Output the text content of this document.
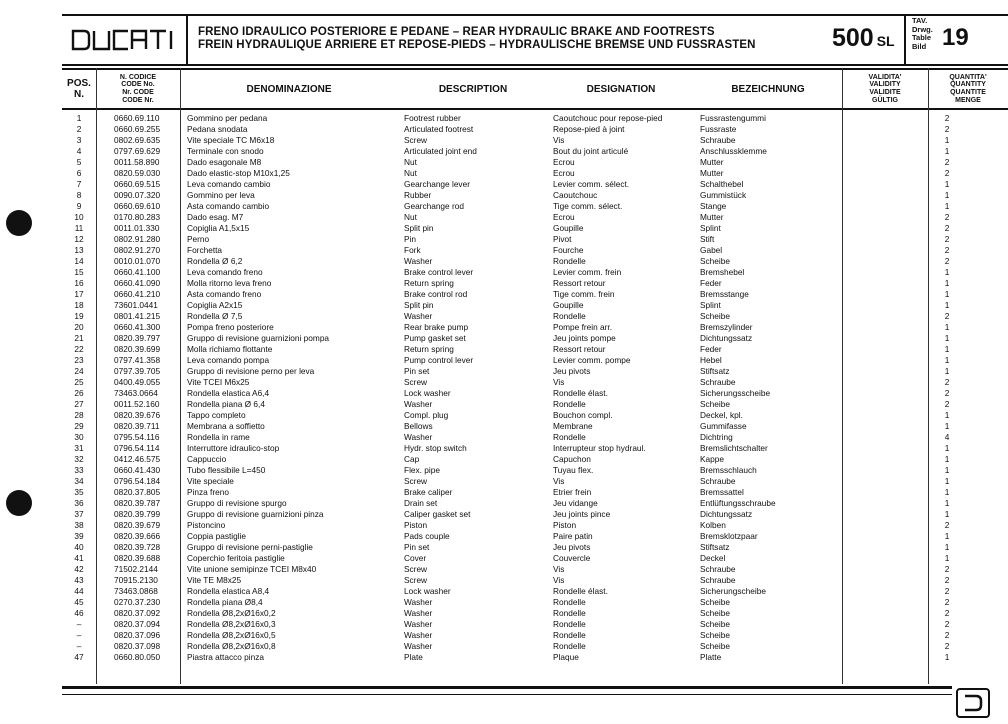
FRENO IDRAULICO POSTERIORE E PEDANE – REAR HYDRAULIC BRAKE AND FOOTRESTS
FREIN HYDRAULIQUE ARRIERE ET REPOSE-PIEDS – HYDRAULISCHE BREMSE UND FUSSRASTEN	500 SL
TAV.
Drwg.
Table
Bild 19
POS.
N.
N. CODICE
CODE No.
Nr. CODE
CODE Nr.
DENOMINAZIONE	DESCRIPTION	DESIGNATION	BEZEICHNUNG
VALIDITA'
VALIDITY
VALIDITE
GÜLTIG
QUANTITA'
QUANTITY
QUANTITE
MENGE
1	0660.69.110	Gommino per pedana	Footrest rubber	Caoutchouc pour repose-pied	Fussrastengummi	2
2	0660.69.255	Pedana snodata	Articulated footrest	Repose-pied à joint	Fussraste	2
3	0802.69.635	Vite speciale TC M6x18	Screw	Vis	Schraube	1
4	0797.69.629	Terminale con snodo	Articulated joint end	Bout du joint articulé	Anschlussklemme	1
5	0011.58.890	Dado esagonale M8	Nut	Ecrou	Mutter	2
6	0820.59.030	Dado elastic-stop M10x1,25	Nut	Ecrou	Mutter	2
7	0660.69.515	Leva comando cambio	Gearchange lever	Levier comm. sélect.	Schalthebel	1
8	0090.07.320	Gommino per leva	Rubber	Caoutchouc	Gummistück	1
9	0660.69.610	Asta comando cambio	Gearchange rod	Tige comm. sélect.	Stange	1
10	0170.80.283	Dado esag. M7	Nut	Ecrou	Mutter	2
11	0011.01.330	Copiglia A1,5x15	Split pin	Goupille	Splint	2
12	0802.91.280	Perno	Pin	Pivot	Stift	2
13	0802.91.270	Forchetta	Fork	Fourche	Gabel	2
14	0010.01.070	Rondella Ø 6,2	Washer	Rondelle	Scheibe	2
15	0660.41.100	Leva comando freno	Brake control lever	Levier comm. frein	Bremshebel	1
16	0660.41.090	Molla ritorno leva freno	Return spring	Ressort retour	Feder	1
17	0660.41.210	Asta comando freno	Brake control rod	Tige comm. frein	Bremsstange	1
18	73601.0441	Copiglia A2x15	Split pin	Goupille	Splint	1
19	0801.41.215	Rondella Ø 7,5	Washer	Rondelle	Scheibe	2
20	0660.41.300	Pompa freno posteriore	Rear brake pump	Pompe frein arr.	Bremszylinder	1
21	0820.39.797	Gruppo di revisione guarnizioni pompa	Pump gasket set	Jeu joints pompe	Dichtungssatz	1
22	0820.39.699	Molla richiamo flottante	Return spring	Ressort retour	Feder	1
23	0797.41.358	Leva comando pompa	Pump control lever	Levier comm. pompe	Hebel	1
24	0797.39.705	Gruppo di revisione perno per leva	Pin set	Jeu pivots	Stiftsatz	1
25	0400.49.055	Vite TCEI M6x25	Screw	Vis	Schraube	2
26	73463.0664	Rondella elastica A6,4	Lock washer	Rondelle élast.	Sicherungsscheibe	2
27	0011.52.160	Rondella piana Ø 6,4	Washer	Rondelle	Scheibe	2
28	0820.39.676	Tappo completo	Compl. plug	Bouchon compl.	Deckel, kpl.	1
29	0820.39.711	Membrana a soffietto	Bellows	Membrane	Gummifasse	1
30	0795.54.116	Rondella in rame	Washer	Rondelle	Dichtring	4
31	0796.54.114	Interruttore idraulico-stop	Hydr. stop switch	Interrupteur stop hydraul.	Bremslichtschalter	1
32	0412.46.575	Cappuccio	Cap	Capuchon	Kappe	1
33	0660.41.430	Tubo flessibile L=450	Flex. pipe	Tuyau flex.	Bremsschlauch	1
34	0796.54.184	Vite speciale	Screw	Vis	Schraube	1
35	0820.37.805	Pinza freno	Brake caliper	Etrier frein	Bremssattel	1
36	0820.39.787	Gruppo di revisione spurgo	Drain set	Jeu vidange	Entlüftungsschraube	1
37	0820.39.799	Gruppo di revisione guarnizioni pinza	Caliper gasket set	Jeu joints pince	Dichtungssatz	1
38	0820.39.679	Pistoncino	Piston	Piston	Kolben	2
39	0820.39.666	Coppia pastiglie	Pads couple	Paire patin	Bremsklotzpaar	1
40	0820.39.728	Gruppo di revisione perni-pastiglie	Pin set	Jeu pivots	Stiftsatz	1
41	0820.39.688	Coperchio feritoia pastiglie	Cover	Couvercle	Deckel	1
42	71502.2144	Vite unione semipinze TCEI M8x40	Screw	Vis	Schraube	2
43	70915.2130	Vite TE M8x25	Screw	Vis	Schraube	2
44	73463.0868	Rondella elastica A8,4	Lock washer	Rondelle élast.	Sicherungscheibe	2
45	0270.37.230	Rondella piana Ø8,4	Washer	Rondelle	Scheibe	2
46	0820.37.092	Rondella Ø8,2xØ16x0,2	Washer	Rondelle	Scheibe	2
–	0820.37.094	Rondella Ø8,2xØ16x0,3	Washer	Rondelle	Scheibe	2
–	0820.37.096	Rondella Ø8,2xØ16x0,5	Washer	Rondelle	Scheibe	2
–	0820.37.098	Rondella Ø8,2xØ16x0,8	Washer	Rondelle	Scheibe	2
47	0660.80.050	Piastra attacco pinza	Plate	Plaque	Platte	1
